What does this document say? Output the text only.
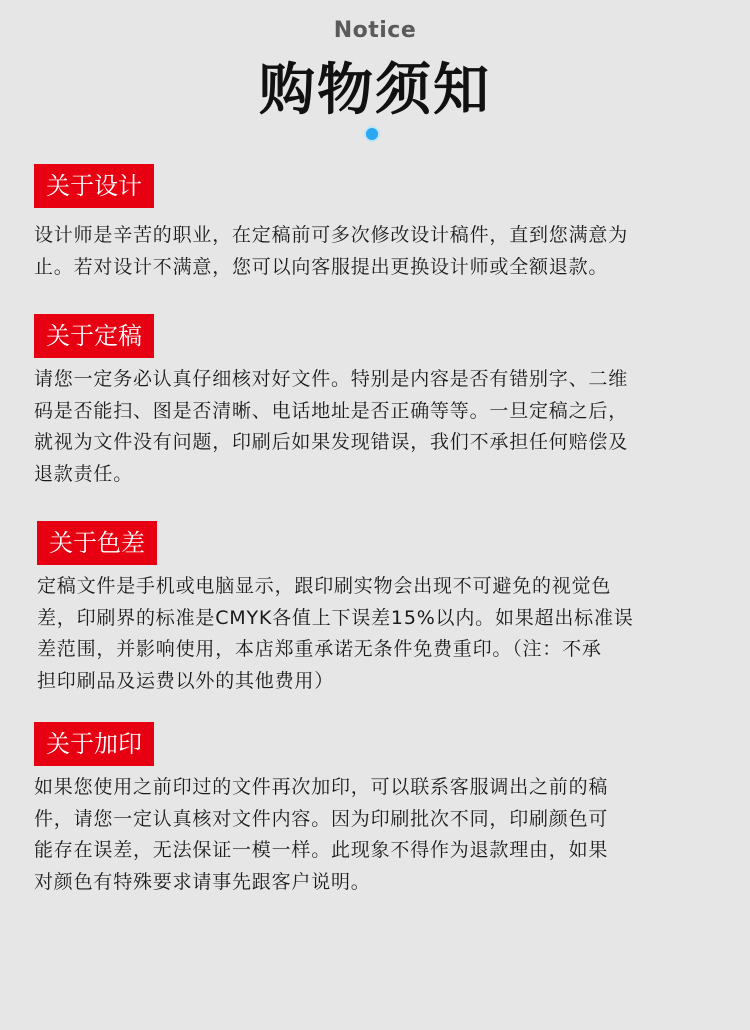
Notice
购物须知
关于设计
设计师是辛苦的职业，在定稿前可多次修改设计稿件，直到您满意为
止。若对设计不满意，您可以向客服提出更换设计师或全额退款。
关于定稿
请您一定务必认真仔细核对好文件。特别是内容是否有错别字、二维
码是否能扫、图是否清晰、电话地址是否正确等等。一旦定稿之后，
就视为文件没有问题，印刷后如果发现错误，我们不承担任何赔偿及
退款责任。
关于色差
定稿文件是手机或电脑显示，跟印刷实物会出现不可避免的视觉色
差，印刷界的标准是CMYK各值上下误差15%以内。如果超出标准误
差范围，并影响使用，本店郑重承诺无条件免费重印。（注：不承
担印刷品及运费以外的其他费用）
关于加印
如果您使用之前印过的文件再次加印，可以联系客服调出之前的稿
件，请您一定认真核对文件内容。因为印刷批次不同，印刷颜色可
能存在误差，无法保证一模一样。此现象不得作为退款理由，如果
对颜色有特殊要求请事先跟客户说明。
